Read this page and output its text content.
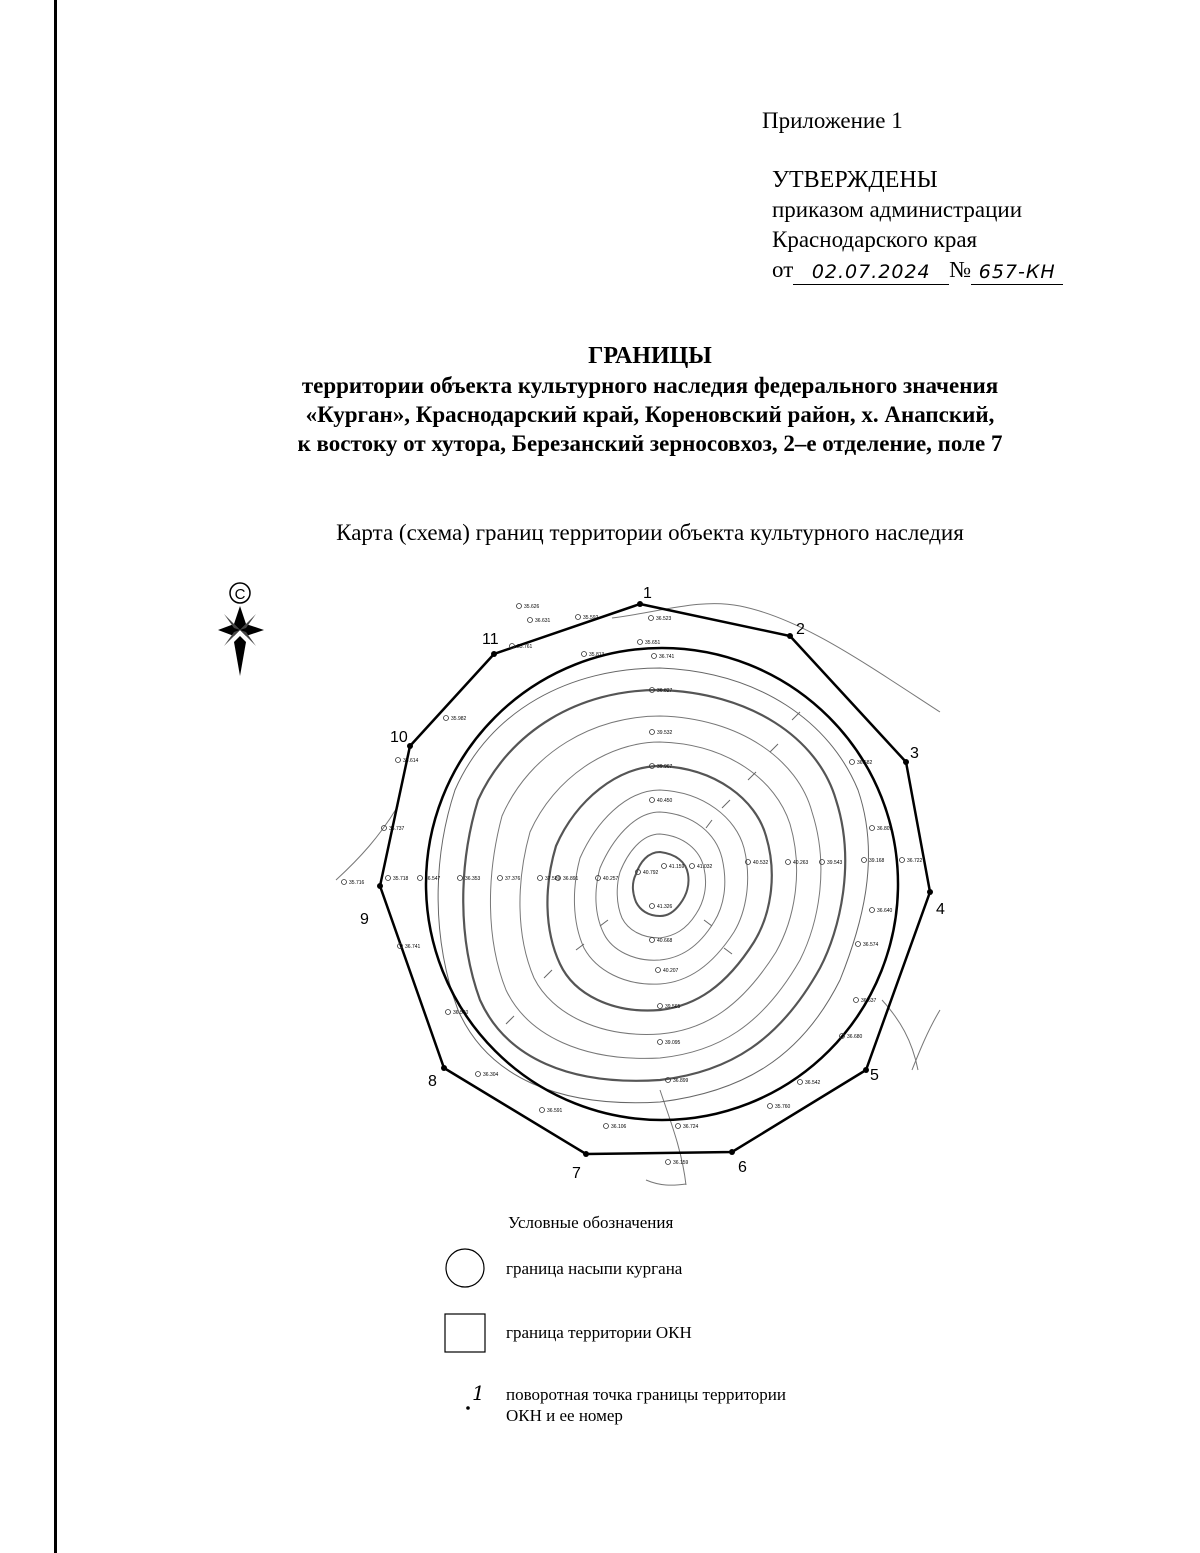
Приложение 1
УТВЕРЖДЕНЫ
приказом администрации
Краснодарского края
от 02.07.2024 № 657-КН
ГРАНИЦЫ
территории объекта культурного наследия федерального значения
«Курган», Краснодарский край, Кореновский район, х. Анапский,
к востоку от хутора, Березанский зерносовхоз, 2–е отделение, поле 7
Карта (схема) границ территории объекта культурного наследия
С	1
2
3
4
5
6
7
8
9
10
11
35.626
36.631	35.592	36.523
36.741
35.651
35.761
35.813
36.827
39.532
39.967
40.450
41.159	41.032
40.532	40.263	39.543	39.168
36.809
36.722
36.640
36.574
36.680
36.637
36.542
35.760
36.159
36.724
36.106
36.591
36.304
36.560
36.741
36.582
36.737
36.614
35.716
35.718	36.547	36.353	37.376	37.589 36.891	40.257
40.792
41.326
40.668
40.207
39.565
39.095
36.899
35.982
Условные обозначения
1
граница насыпи кургана
граница территории ОКН
поворотная точка границы территории
ОКН и ее номер
